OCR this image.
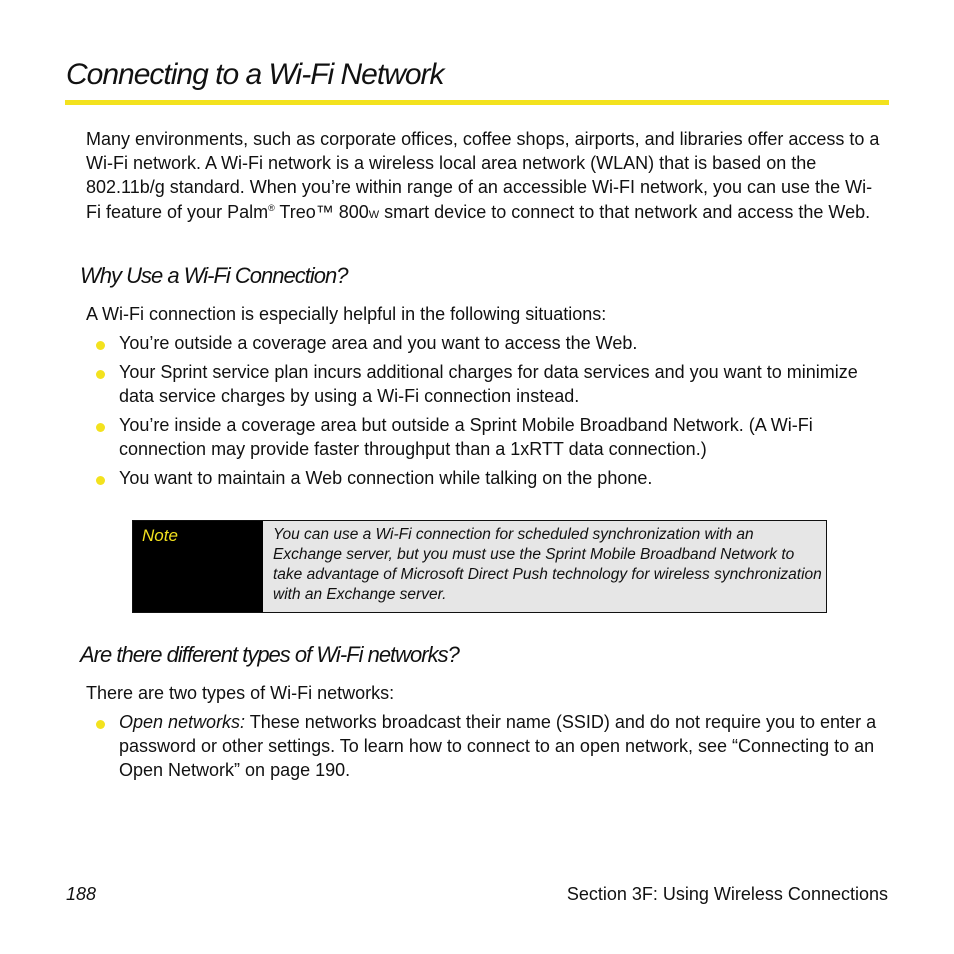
Connecting to a Wi-Fi Network

Many environments, such as corporate offices, coffee shops, airports, and libraries offer access to a Wi-Fi network. A Wi-Fi network is a wireless local area network (WLAN) that is based on the 802.11b/g standard. When you’re within range of an accessible Wi-FI network, you can use the Wi-Fi feature of your Palm® Treo™ 800W smart device to connect to that network and access the Web.

Why Use a Wi-Fi Connection?

A Wi-Fi connection is especially helpful in the following situations:

You’re outside a coverage area and you want to access the Web.
Your Sprint service plan incurs additional charges for data services and you want to minimize data service charges by using a Wi-Fi connection instead.
You’re inside a coverage area but outside a Sprint Mobile Broadband Network. (A Wi-Fi connection may provide faster throughput than a 1xRTT data connection.)
You want to maintain a Web connection while talking on the phone.
Note	You can use a Wi-Fi connection for scheduled synchronization with an Exchange server, but you must use the Sprint Mobile Broadband Network to take advantage of Microsoft Direct Push technology for wireless synchronization with an Exchange server.

Are there different types of Wi-Fi networks?

There are two types of Wi-Fi networks:

Open networks: These networks broadcast their name (SSID) and do not require you to enter a password or other settings. To learn how to connect to an open network, see “Connecting to an Open Network” on page 190.
188	Section 3F: Using Wireless Connections
